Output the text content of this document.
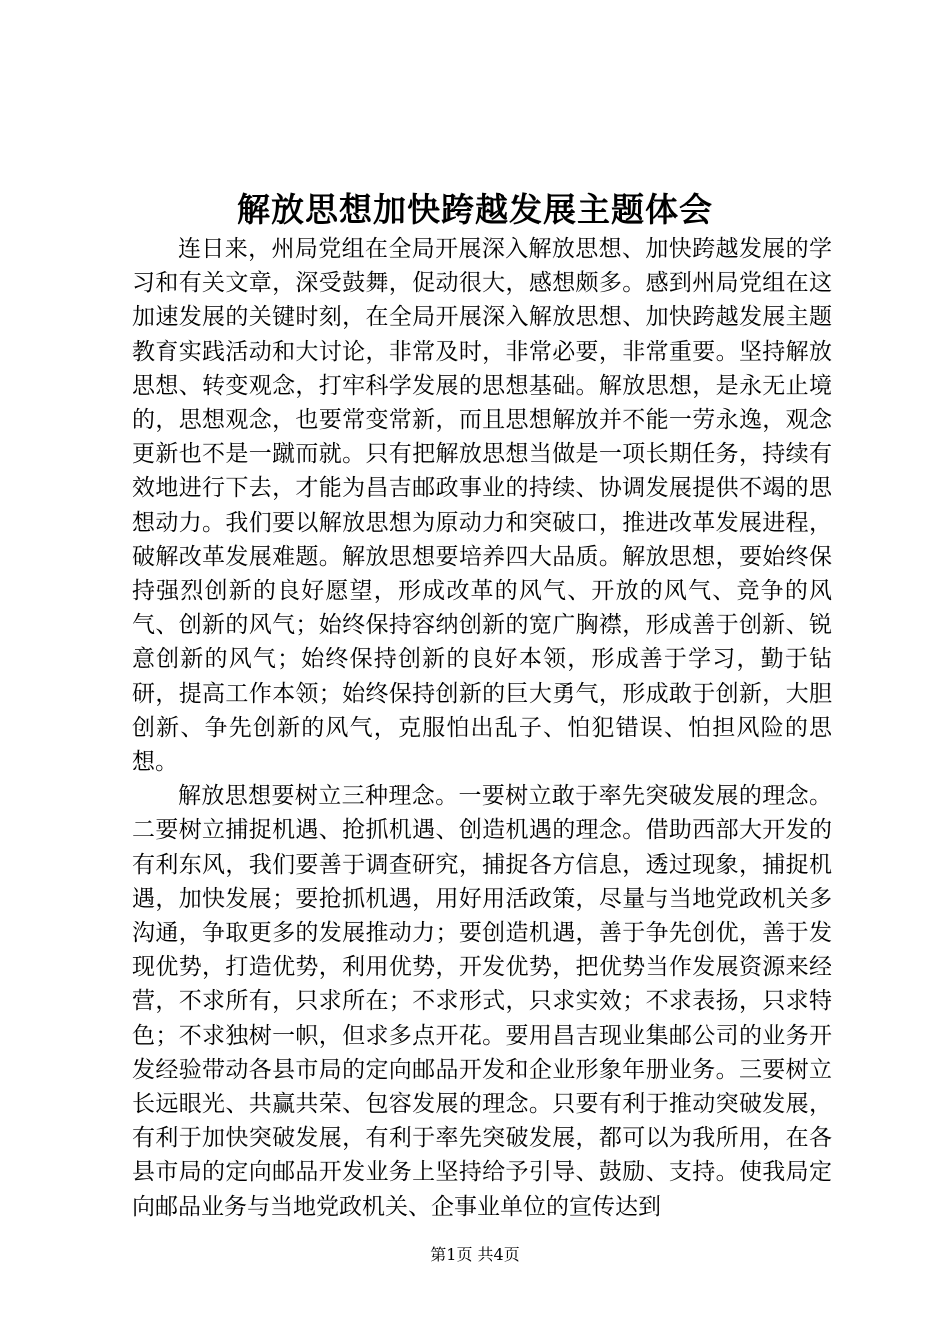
解放思想加快跨越发展主题体会

连日来，州局党组在全局开展深入解放思想、加快跨越发展的学习和有关文章，深受鼓舞，促动很大，感想颇多。感到州局党组在这加速发展的关键时刻，在全局开展深入解放思想、加快跨越发展主题教育实践活动和大讨论，非常及时，非常必要，非常重要。坚持解放思想、转变观念，打牢科学发展的思想基础。解放思想，是永无止境的，思想观念，也要常变常新，而且思想解放并不能一劳永逸，观念更新也不是一蹴而就。只有把解放思想当做是一项长期任务，持续有效地进行下去，才能为昌吉邮政事业的持续、协调发展提供不竭的思想动力。我们要以解放思想为原动力和突破口，推进改革发展进程，破解改革发展难题。解放思想要培养四大品质。解放思想，要始终保持强烈创新的良好愿望，形成改革的风气、开放的风气、竞争的风气、创新的风气；始终保持容纳创新的宽广胸襟，形成善于创新、锐意创新的风气；始终保持创新的良好本领，形成善于学习，勤于钻研，提高工作本领；始终保持创新的巨大勇气，形成敢于创新，大胆创新、争先创新的风气，克服怕出乱子、怕犯错误、怕担风险的思想。

解放思想要树立三种理念。一要树立敢于率先突破发展的理念。二要树立捕捉机遇、抢抓机遇、创造机遇的理念。借助西部大开发的有利东风，我们要善于调查研究，捕捉各方信息，透过现象，捕捉机遇，加快发展；要抢抓机遇，用好用活政策，尽量与当地党政机关多沟通，争取更多的发展推动力；要创造机遇，善于争先创优，善于发现优势，打造优势，利用优势，开发优势，把优势当作发展资源来经营，不求所有，只求所在；不求形式，只求实效；不求表扬，只求特色；不求独树一帜，但求多点开花。要用昌吉现业集邮公司的业务开发经验带动各县市局的定向邮品开发和企业形象年册业务。三要树立长远眼光、共赢共荣、包容发展的理念。只要有利于推动突破发展，有利于加快突破发展，有利于率先突破发展，都可以为我所用，在各县市局的定向邮品开发业务上坚持给予引导、鼓励、支持。使我局定向邮品业务与当地党政机关、企事业单位的宣传达到

第1页 共4页
